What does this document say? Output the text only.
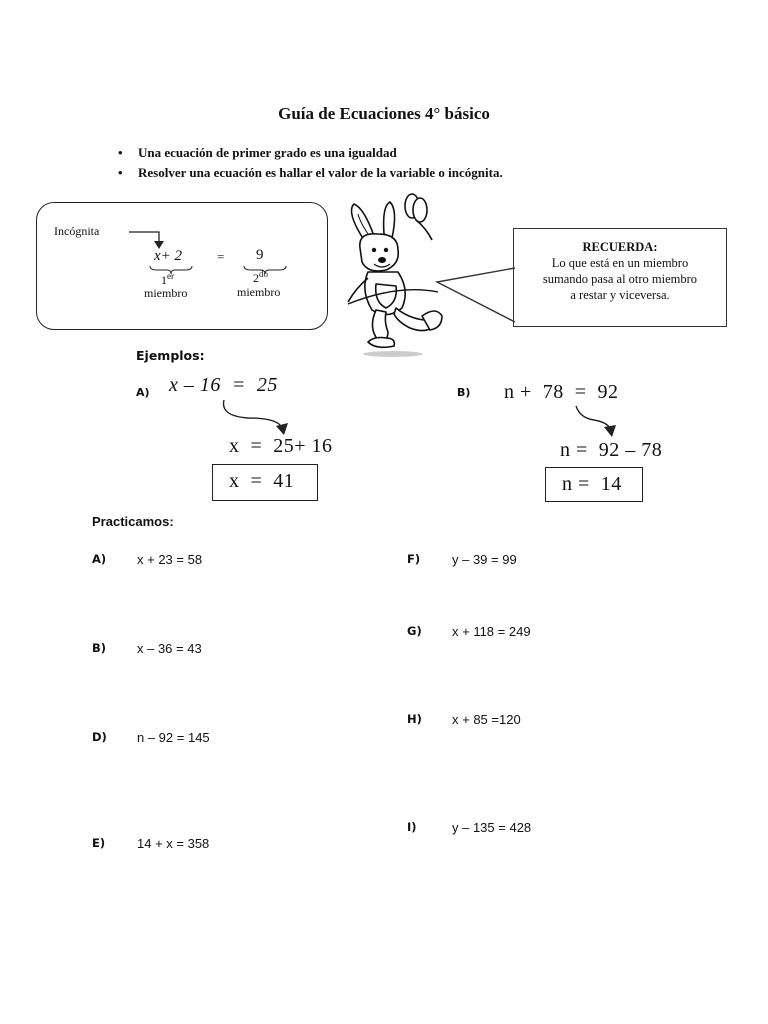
Guía de Ecuaciones 4° básico
• Una ecuación de primer grado es una igualdad
• Resolver una ecuación es hallar el valor de la variable o incógnita.
Incógnita
x+ 2	= 9
1er
miembro
$2^{do}$
miembro
RECUERDA:
Lo que está en un miembro
sumando pasa al otro miembro
a restar y viceversa.
Ejemplos:
A) x – 16  =  25
x  =  25+ 16
x  =  41
B) n +  78  =  92
n =  92 – 78
n =  14
Practicamos:
A) x + 23 = 58
B) x – 36 = 43
D) n – 92 = 145
E) 14 + x = 358
F) y – 39 = 99
G) x + 118 = 249
H) x + 85 =120
I)	y – 135 = 428
